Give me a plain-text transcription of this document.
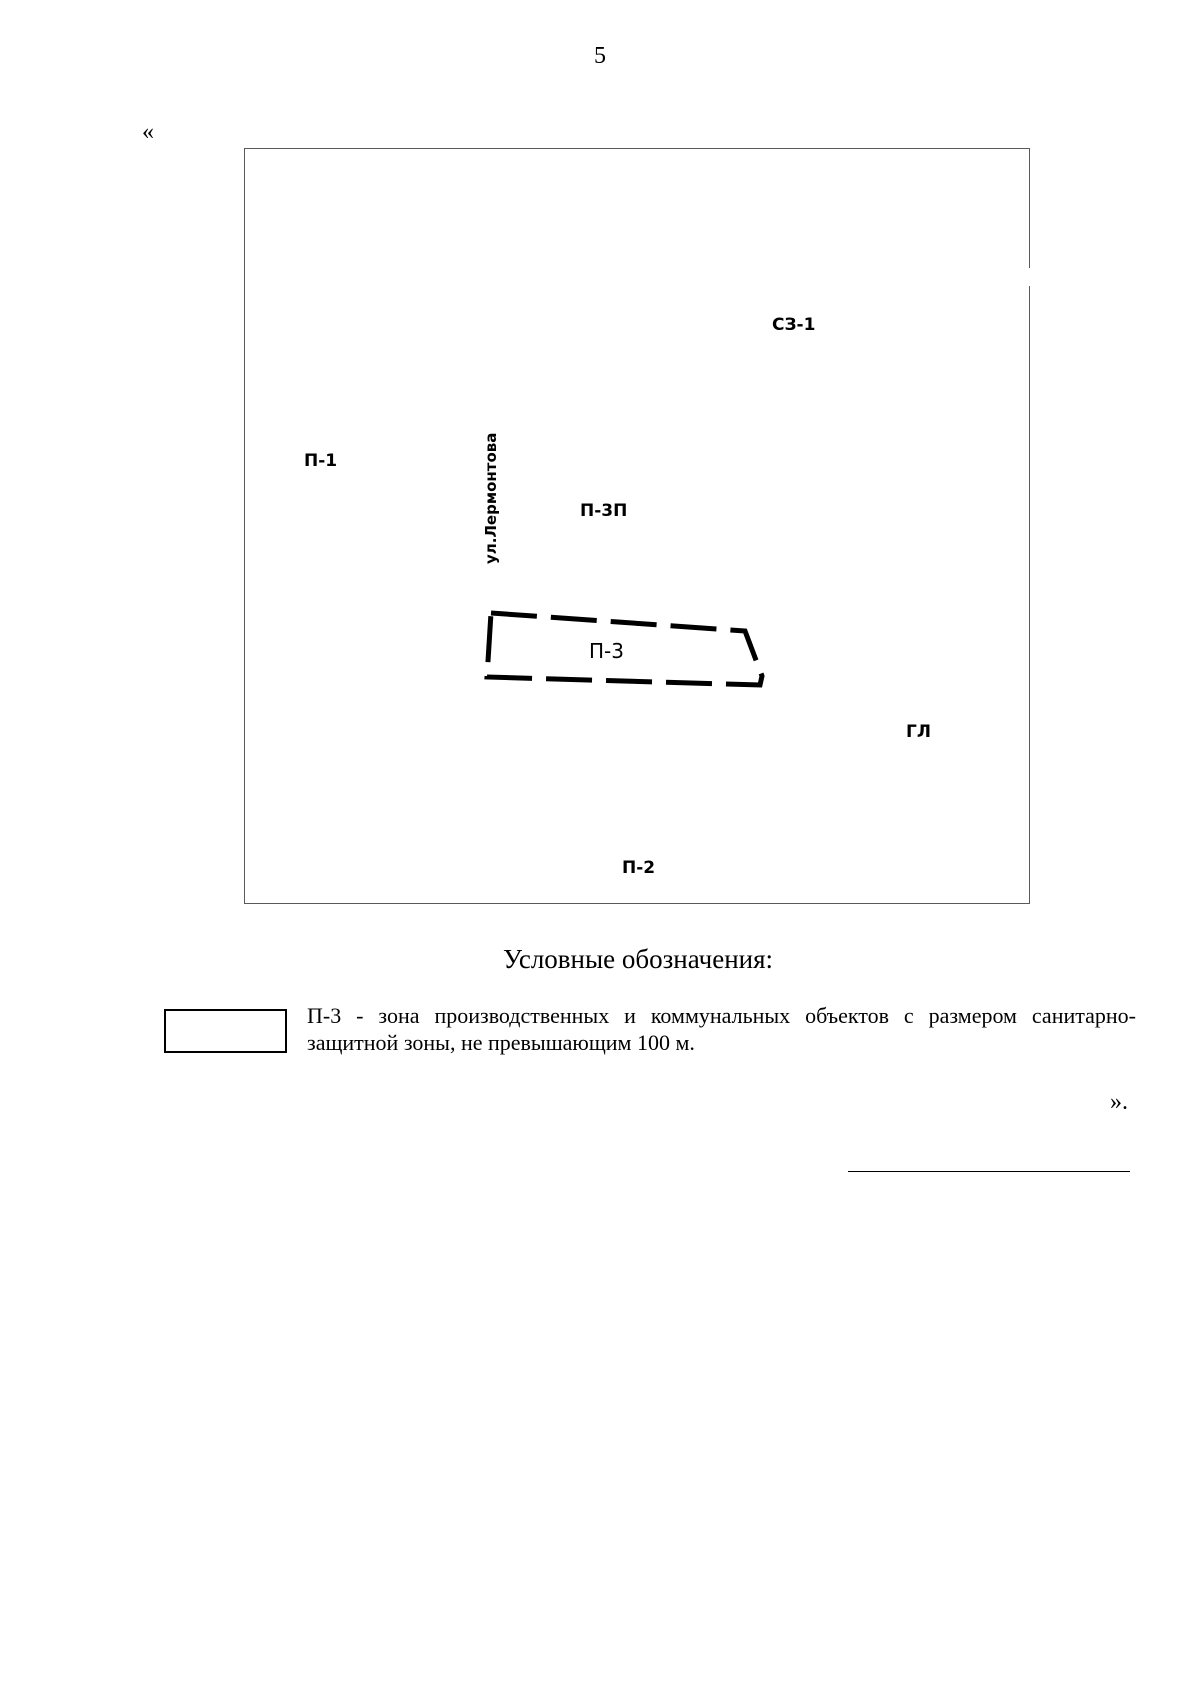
5
«
СЗ-1
П-1	ул.Лермонтова	П-3П
П-3
ГЛ
П-2
Условные обозначения:
П-3 - зона производственных и коммунальных объектов с размером санитарно-защитной зоны, не превышающим 100 м.
».
